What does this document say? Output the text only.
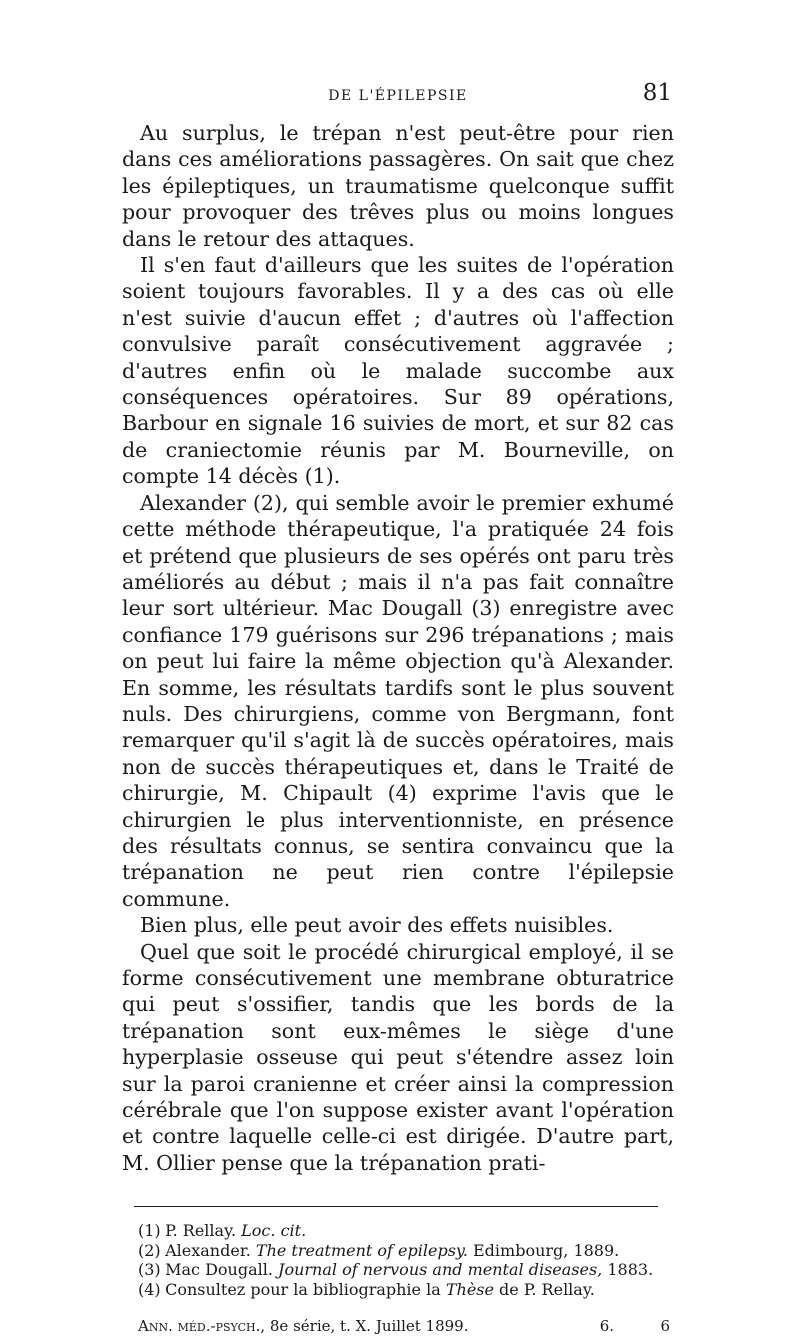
DE L'ÉPILEPSIE	81

Au surplus, le trépan n'est peut-être pour rien dans ces améliorations passagères. On sait que chez les épileptiques, un traumatisme quelconque suffit pour provoquer des trêves plus ou moins longues dans le retour des attaques.

Il s'en faut d'ailleurs que les suites de l'opération soient toujours favorables. Il y a des cas où elle n'est suivie d'aucun effet ; d'autres où l'affection convulsive paraît consécutivement aggravée ; d'autres enfin où le malade succombe aux conséquences opératoires. Sur 89 opérations, Barbour en signale 16 suivies de mort, et sur 82 cas de craniectomie réunis par M. Bourneville, on compte 14 décès (1).

Alexander (2), qui semble avoir le premier exhumé cette méthode thérapeutique, l'a pratiquée 24 fois et prétend que plusieurs de ses opérés ont paru très améliorés au début ; mais il n'a pas fait connaître leur sort ultérieur. Mac Dougall (3) enregistre avec confiance 179 guérisons sur 296 trépanations ; mais on peut lui faire la même objection qu'à Alexander. En somme, les résultats tardifs sont le plus souvent nuls. Des chirurgiens, comme von Bergmann, font remarquer qu'il s'agit là de succès opératoires, mais non de succès thérapeutiques et, dans le Traité de chirurgie, M. Chipault (4) exprime l'avis que le chirurgien le plus interventionniste, en présence des résultats connus, se sentira convaincu que la trépanation ne peut rien contre l'épilepsie commune.

Bien plus, elle peut avoir des effets nuisibles.

Quel que soit le procédé chirurgical employé, il se forme consécutivement une membrane obturatrice qui peut s'ossifier, tandis que les bords de la trépanation sont eux-mêmes le siège d'une hyperplasie osseuse qui peut s'étendre assez loin sur la paroi cranienne et créer ainsi la compression cérébrale que l'on suppose exister avant l'opération et contre laquelle celle-ci est dirigée. D'autre part, M. Ollier pense que la trépanation prati-

(1) P. Rellay. Loc. cit.
(2) Alexander. The treatment of epilepsy. Edimbourg, 1889.
(3) Mac Dougall. Journal of nervous and mental diseases, 1883.
(4) Consultez pour la bibliographie la Thèse de P. Rellay.
Ann. méd.-psych., 8e série, t. X. Juillet 1899.	6.	6
